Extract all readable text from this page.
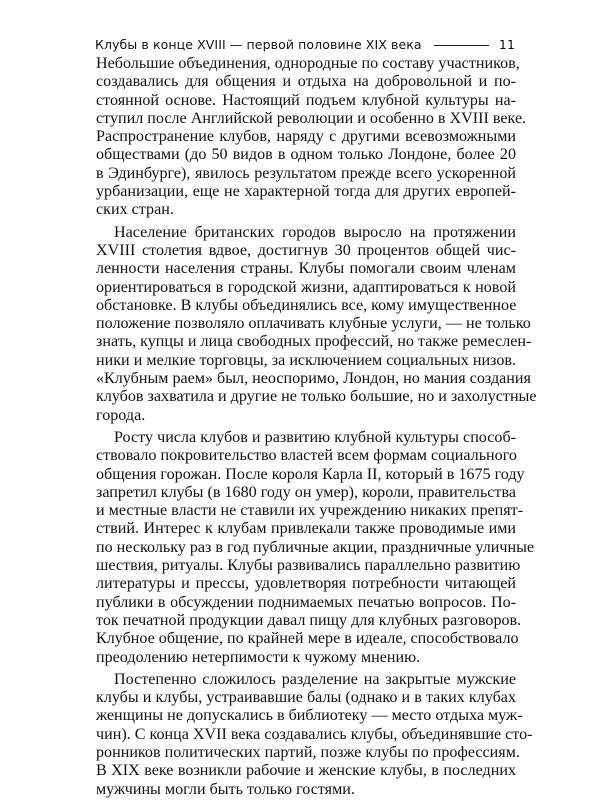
Клубы в конце XVIII — первой половине XIX века	11
Небольшие объединения, однородные по составу участников,
создавались для общения и отдыха на добровольной и по-
стоянной основе. Настоящий подъем клубной культуры на-
ступил после Английской революции и особенно в XVIII веке.
Распространение клубов, наряду с другими всевозможными
обществами (до 50 видов в одном только Лондоне, более 20
в Эдинбурге), явилось результатом прежде всего ускоренной
урбанизации, еще не характерной тогда для других европей-
ских стран.
Население британских городов выросло на протяжении
XVIII столетия вдвое, достигнув 30 процентов общей чис-
ленности населения страны. Клубы помогали своим членам
ориентироваться в городской жизни, адаптироваться к новой
обстановке. В клубы объединялись все, кому имущественное
положение позволяло оплачивать клубные услуги, — не только
знать, купцы и лица свободных профессий, но также ремеслен-
ники и мелкие торговцы, за исключением социальных низов.
«Клубным раем» был, неоспоримо, Лондон, но мания создания
клубов захватила и другие не только большие, но и захолустные
города.
Росту числа клубов и развитию клубной культуры способ-
ствовало покровительство властей всем формам социального
общения горожан. После короля Карла II, который в 1675 году
запретил клубы (в 1680 году он умер), короли, правительства
и местные власти не ставили их учреждению никаких препят-
ствий. Интерес к клубам привлекали также проводимые ими
по нескольку раз в год публичные акции, праздничные уличные
шествия, ритуалы. Клубы развивались параллельно развитию
литературы и прессы, удовлетворяя потребности читающей
публики в обсуждении поднимаемых печатью вопросов. По-
ток печатной продукции давал пищу для клубных разговоров.
Клубное общение, по крайней мере в идеале, способствовало
преодолению нетерпимости к чужому мнению.
Постепенно сложилось разделение на закрытые мужские
клубы и клубы, устраивавшие балы (однако и в таких клубах
женщины не допускались в библиотеку — место отдыха муж-
чин). С конца XVII века создавались клубы, объединявшие сто-
ронников политических партий, позже клубы по профессиям.
В XIX веке возникли рабочие и женские клубы, в последних
мужчины могли быть только гостями.
